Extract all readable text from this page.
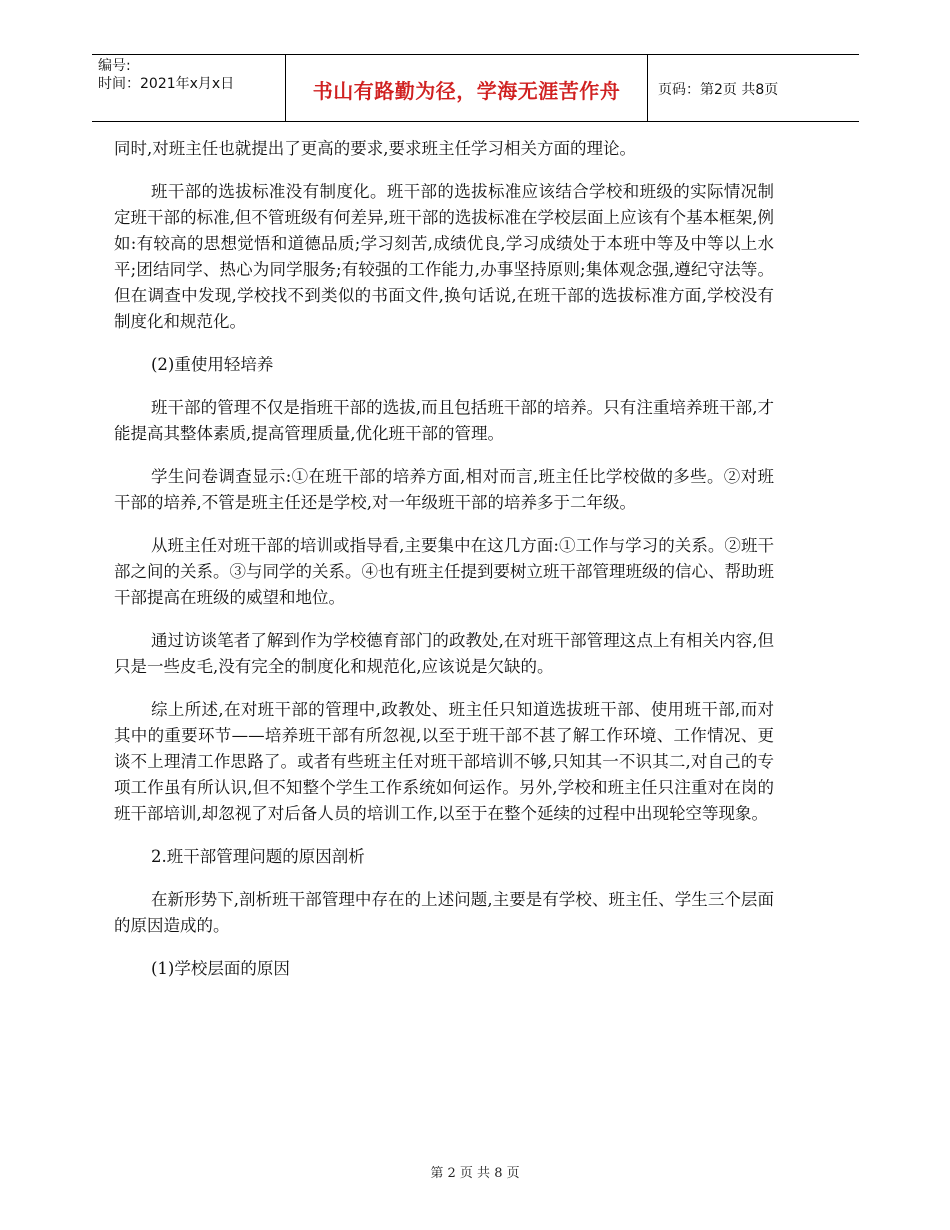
编号:
时间：2021年x月x日	书山有路勤为径，学海无涯苦作舟	页码：第2页 共8页

同时,对班主任也就提出了更高的要求,要求班主任学习相关方面的理论。

班干部的选拔标准没有制度化。班干部的选拔标准应该结合学校和班级的实际情况制定班干部的标准,但不管班级有何差异,班干部的选拔标准在学校层面上应该有个基本框架,例如:有较高的思想觉悟和道德品质;学习刻苦,成绩优良,学习成绩处于本班中等及中等以上水平;团结同学、热心为同学服务;有较强的工作能力,办事坚持原则;集体观念强,遵纪守法等。但在调查中发现,学校找不到类似的书面文件,换句话说,在班干部的选拔标准方面,学校没有制度化和规范化。

(2)重使用轻培养

班干部的管理不仅是指班干部的选拔,而且包括班干部的培养。只有注重培养班干部,才能提高其整体素质,提高管理质量,优化班干部的管理。

学生问卷调查显示:①在班干部的培养方面,相对而言,班主任比学校做的多些。②对班干部的培养,不管是班主任还是学校,对一年级班干部的培养多于二年级。

从班主任对班干部的培训或指导看,主要集中在这几方面:①工作与学习的关系。②班干部之间的关系。③与同学的关系。④也有班主任提到要树立班干部管理班级的信心、帮助班干部提高在班级的威望和地位。

通过访谈笔者了解到作为学校德育部门的政教处,在对班干部管理这点上有相关内容,但只是一些皮毛,没有完全的制度化和规范化,应该说是欠缺的。

综上所述,在对班干部的管理中,政教处、班主任只知道选拔班干部、使用班干部,而对其中的重要环节——培养班干部有所忽视,以至于班干部不甚了解工作环境、工作情况、更谈不上理清工作思路了。或者有些班主任对班干部培训不够,只知其一不识其二,对自己的专项工作虽有所认识,但不知整个学生工作系统如何运作。另外,学校和班主任只注重对在岗的班干部培训,却忽视了对后备人员的培训工作,以至于在整个延续的过程中出现轮空等现象。

2.班干部管理问题的原因剖析

在新形势下,剖析班干部管理中存在的上述问题,主要是有学校、班主任、学生三个层面的原因造成的。

(1)学校层面的原因

第 2 页 共 8 页
